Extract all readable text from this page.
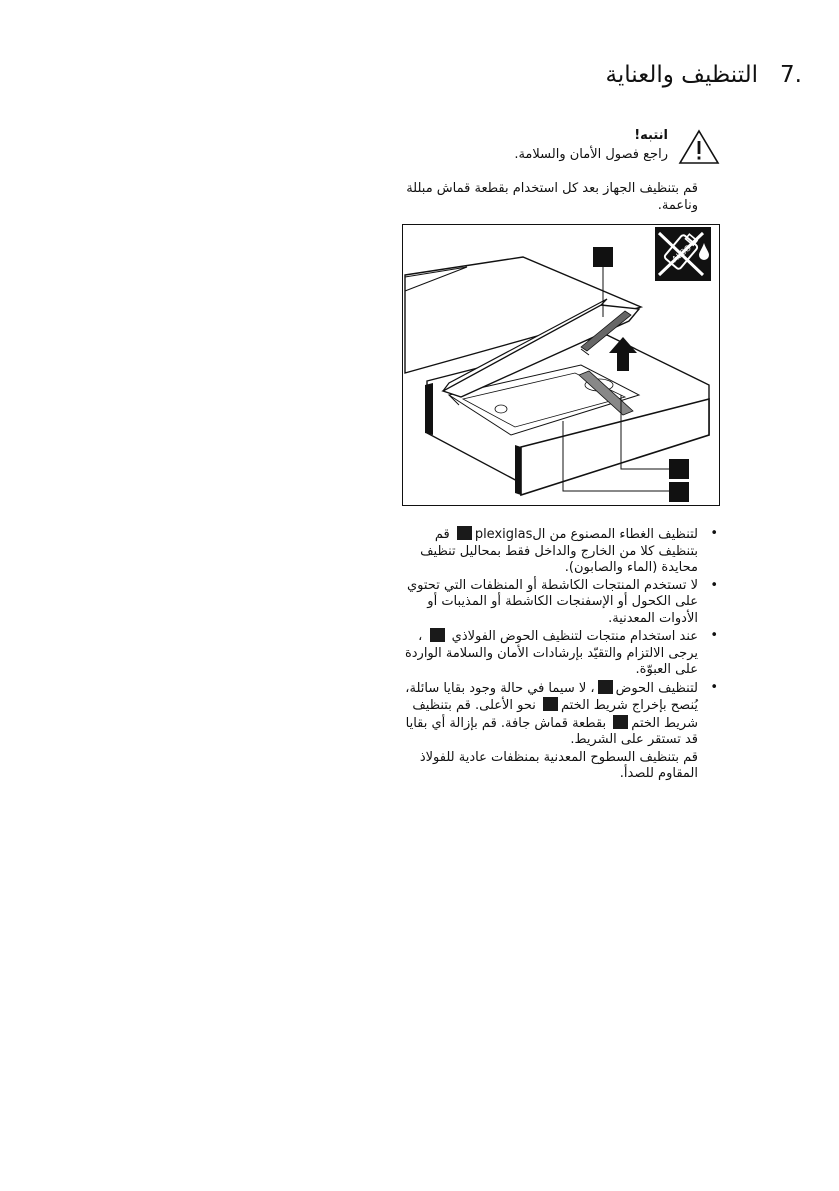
التنظيف والعناية 7.
انتبه!
راجع فصول الأمان والسلامة.
قم بتنظيف الجهاز بعد كل استخدام بقطعة قماش مبللة وناعمة.
•
لتنظيف الغطاء المصنوع من الplexiglas قم بتنظيف كلا من الخارج والداخل فقط بمحاليل تنظيف محايدة (الماء والصابون).
•
لا تستخدم المنتجات الكاشطة أو المنظفات التي تحتوي على الكحول أو الإسفنجات الكاشطة أو المذيبات أو الأدوات المعدنية.
•
عند استخدام منتجات لتنظيف الحوض الفولاذي  ، يرجى الالتزام والتقيّد بإرشادات الأمان والسلامة الواردة على العبوّة.
•
لتنظيف الحوض، لا سيما في حالة وجود بقايا سائلة، يُنصح بإخراج شريط الختم نحو الأعلى. قم بتنظيف شريط الختم بقطعة قماش جافة. قم بإزالة أي بقايا قد تستقر على الشريط.
قم بتنظيف السطوح المعدنية بمنظفات عادية للفولاذ المقاوم للصدأ.
